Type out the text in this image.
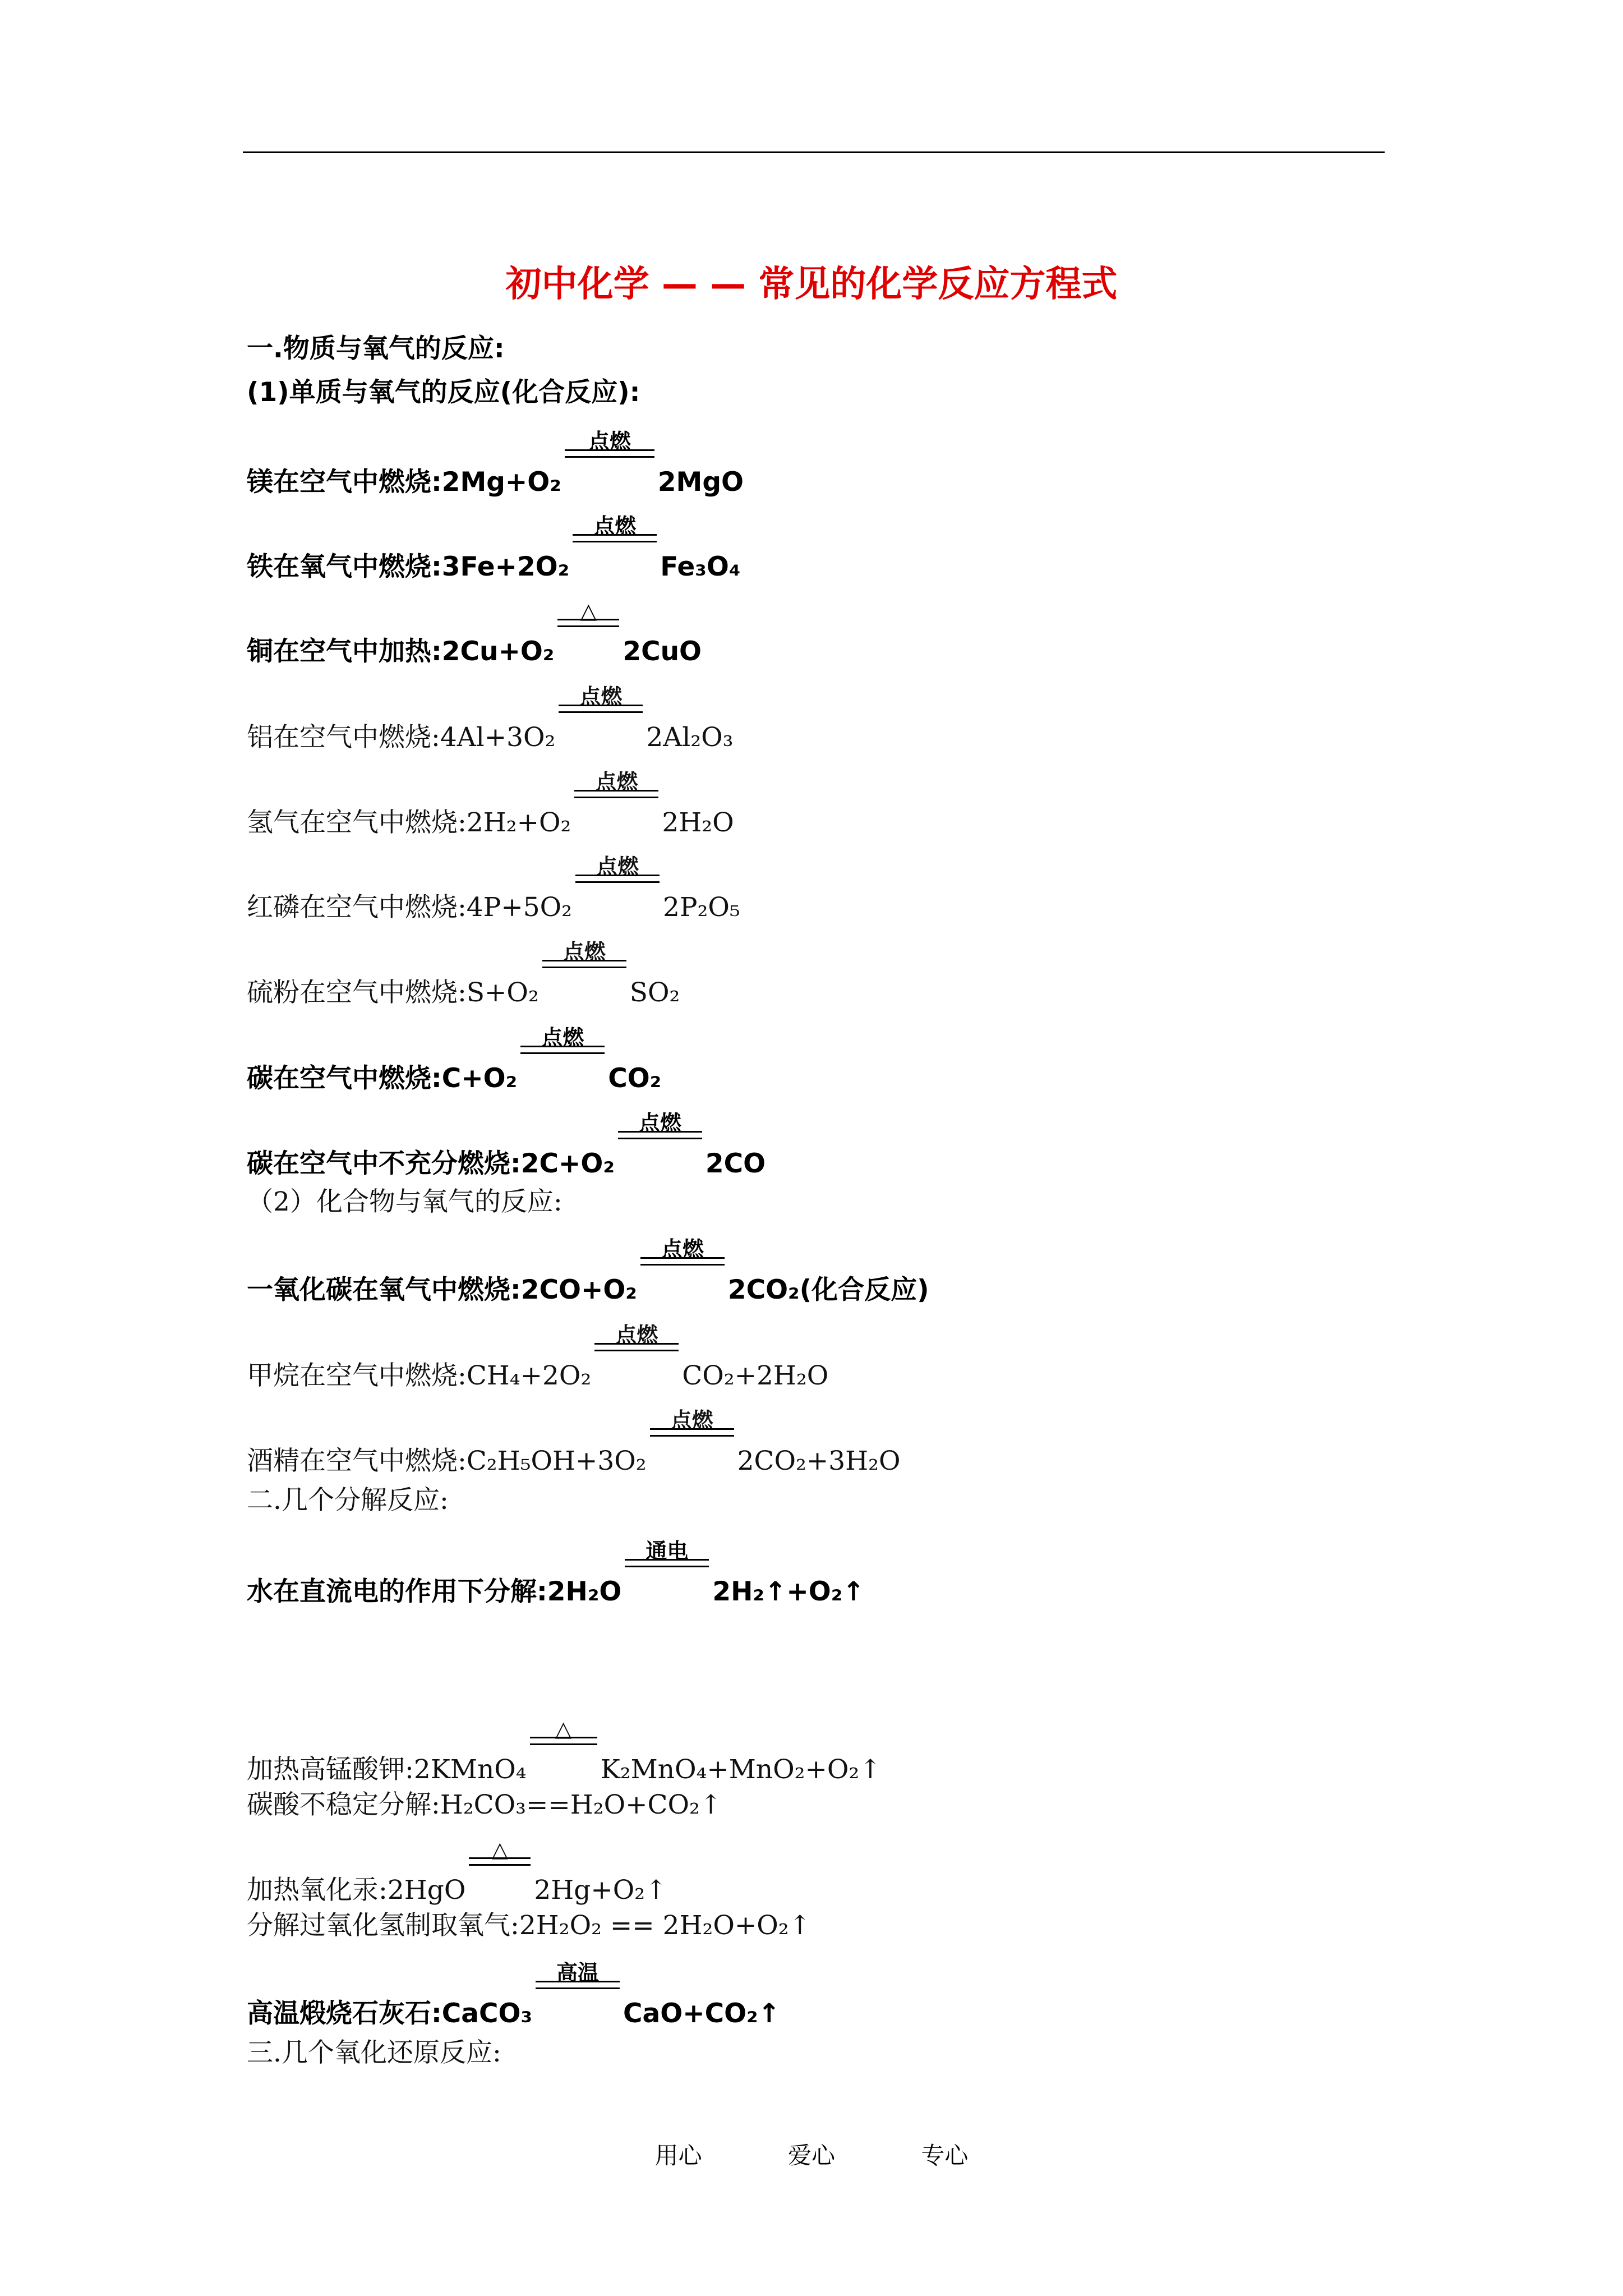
初中化学 — — 常见的化学反应方程式
一.物质与氧气的反应:
(1)单质与氧气的反应(化合反应):
镁在空气中燃烧: 2Mg+O₂
点燃
2MgO
铁在氧气中燃烧: 3Fe+2O₂
点燃
Fe₃O₄
铜在空气中加热: 2Cu+O₂
△
2CuO
铝在空气中燃烧: 4Al+3O₂
点燃
2Al₂O₃
氢气在空气中燃烧: 2H₂+O₂
点燃
2H₂O
红磷在空气中燃烧: 4P+5O₂
点燃
2P₂O₅
硫粉在空气中燃烧: S+O₂
点燃
SO₂
碳在空气中燃烧: C+O₂
点燃
CO₂
碳在空气中不充分燃烧: 2C+O₂
点燃
2CO
（2）化合物与氧气的反应:
一氧化碳在氧气中燃烧: 2CO+O₂
点燃
2CO₂(化合反应)
甲烷在空气中燃烧: CH₄+2O₂
点燃
CO₂+2H₂O
酒精在空气中燃烧: C₂H₅OH+3O₂
点燃
2CO₂+3H₂O
二.几个分解反应:
水在直流电的作用下分解: 2H₂O
通电
2H₂↑+O₂↑
加热高锰酸钾: 2KMnO₄
△
K₂MnO₄+MnO₂+O₂↑
碳酸不稳定分解: H₂CO₃==H₂O+CO₂↑
加热氧化汞: 2HgO
△
2Hg+O₂↑
分解过氧化氢制取氧气: 2H₂O₂ == 2H₂O+O₂↑
高温煅烧石灰石: CaCO₃
高温
CaO+CO₂↑
三.几个氧化还原反应:
用心	爱心	专心
